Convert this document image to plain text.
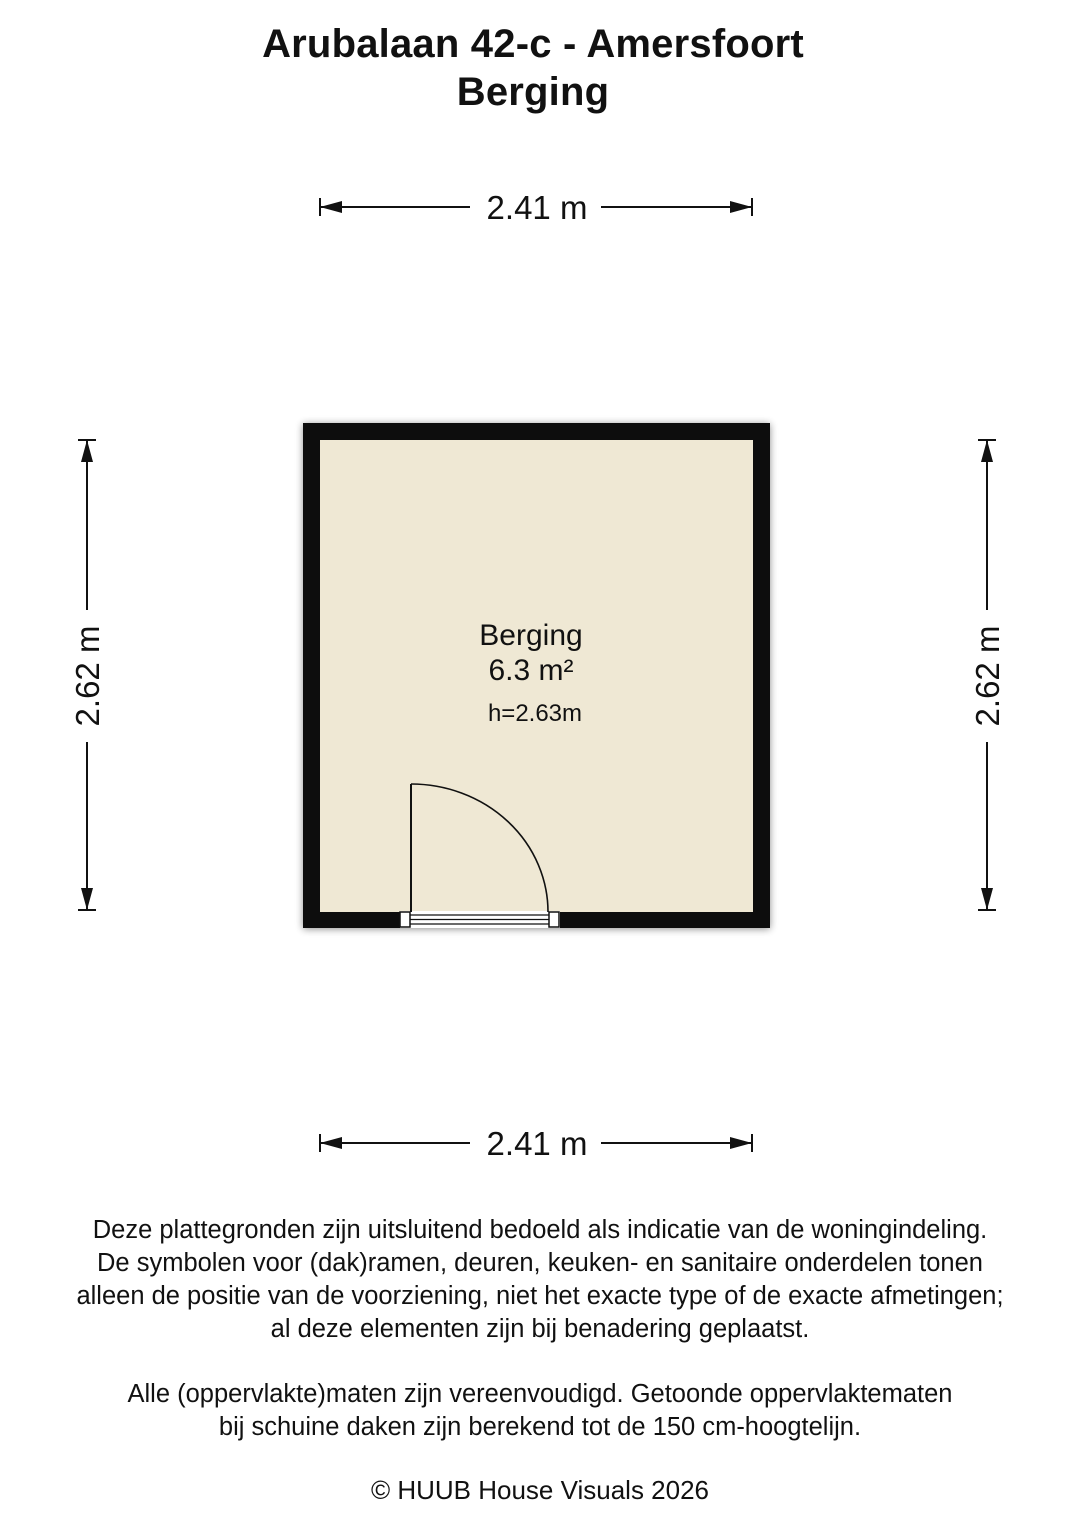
Arubalaan 42-c - Amersfoort
Berging
2.41 m
2.41 m
2.62 m	2.62 m
Berging
6.3 m²
h=2.63m
Deze plattegronden zijn uitsluitend bedoeld als indicatie van de woningindeling.
De symbolen voor (dak)ramen, deuren, keuken- en sanitaire onderdelen tonen
alleen de positie van de voorziening, niet het exacte type of de exacte afmetingen;
al deze elementen zijn bij benadering geplaatst.
Alle (oppervlakte)maten zijn vereenvoudigd. Getoonde oppervlaktematen
bij schuine daken zijn berekend tot de 150 cm-hoogtelijn.
© HUUB House Visuals 2026
